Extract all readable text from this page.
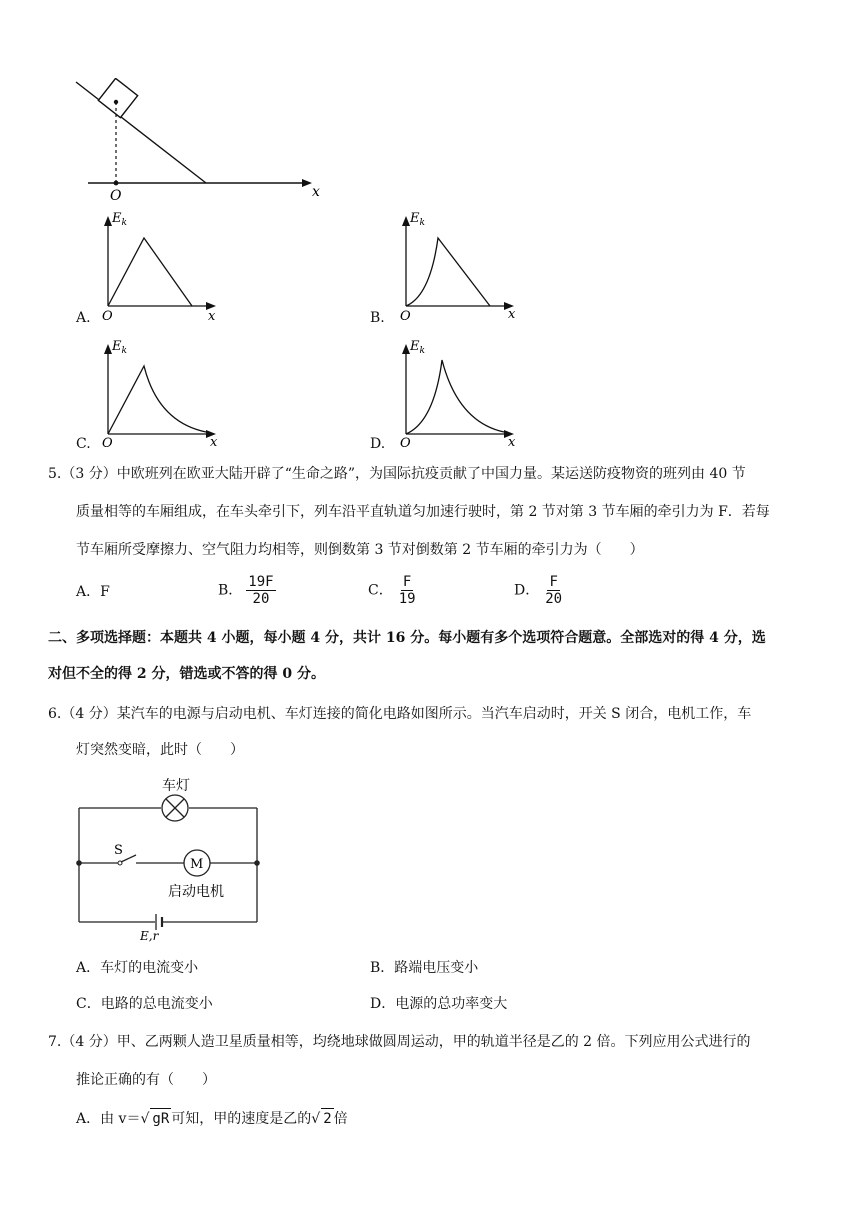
O	x
A.
$E_k$
O	x	B.
$E_k$
O	x
C.
$E_k$
O	x	D.
$E_k$
O	x
5.（3 分）中欧班列在欧亚大陆开辟了“生命之路”，为国际抗疫贡献了中国力量。某运送防疫物资的班列由 40 节
质量相等的车厢组成，在车头牵引下，列车沿平直轨道匀加速行驶时，第 2 节对第 3 节车厢的牵引力为 F．若每
节车厢所受摩擦力、空气阻力均相等，则倒数第 3 节对倒数第 2 节车厢的牵引力为（　　）
A．F	B． $\frac{19F}{20}$	C． $\frac{F}{19}$	D． $\frac{F}{20}$
二、多项选择题：本题共 4 小题，每小题 4 分，共计 16 分。每小题有多个选项符合题意。全部选对的得 4 分，选
对但不全的得 2 分，错选或不答的得 0 分。
6.（4 分）某汽车的电源与启动电机、车灯连接的简化电路如图所示。当汽车启动时，开关 S 闭合，电机工作，车
灯突然变暗，此时（　　）
车灯
S
M
启动电机
E,r
A．车灯的电流变小	B．路端电压变小
C．电路的总电流变小	D．电源的总功率变大
7.（4 分）甲、乙两颗人造卫星质量相等，均绕地球做圆周运动，甲的轨道半径是乙的 2 倍。下列应用公式进行的
推论正确的有（　　）
A．由 v＝√ gR 可知，甲的速度是乙的√ 2 倍
